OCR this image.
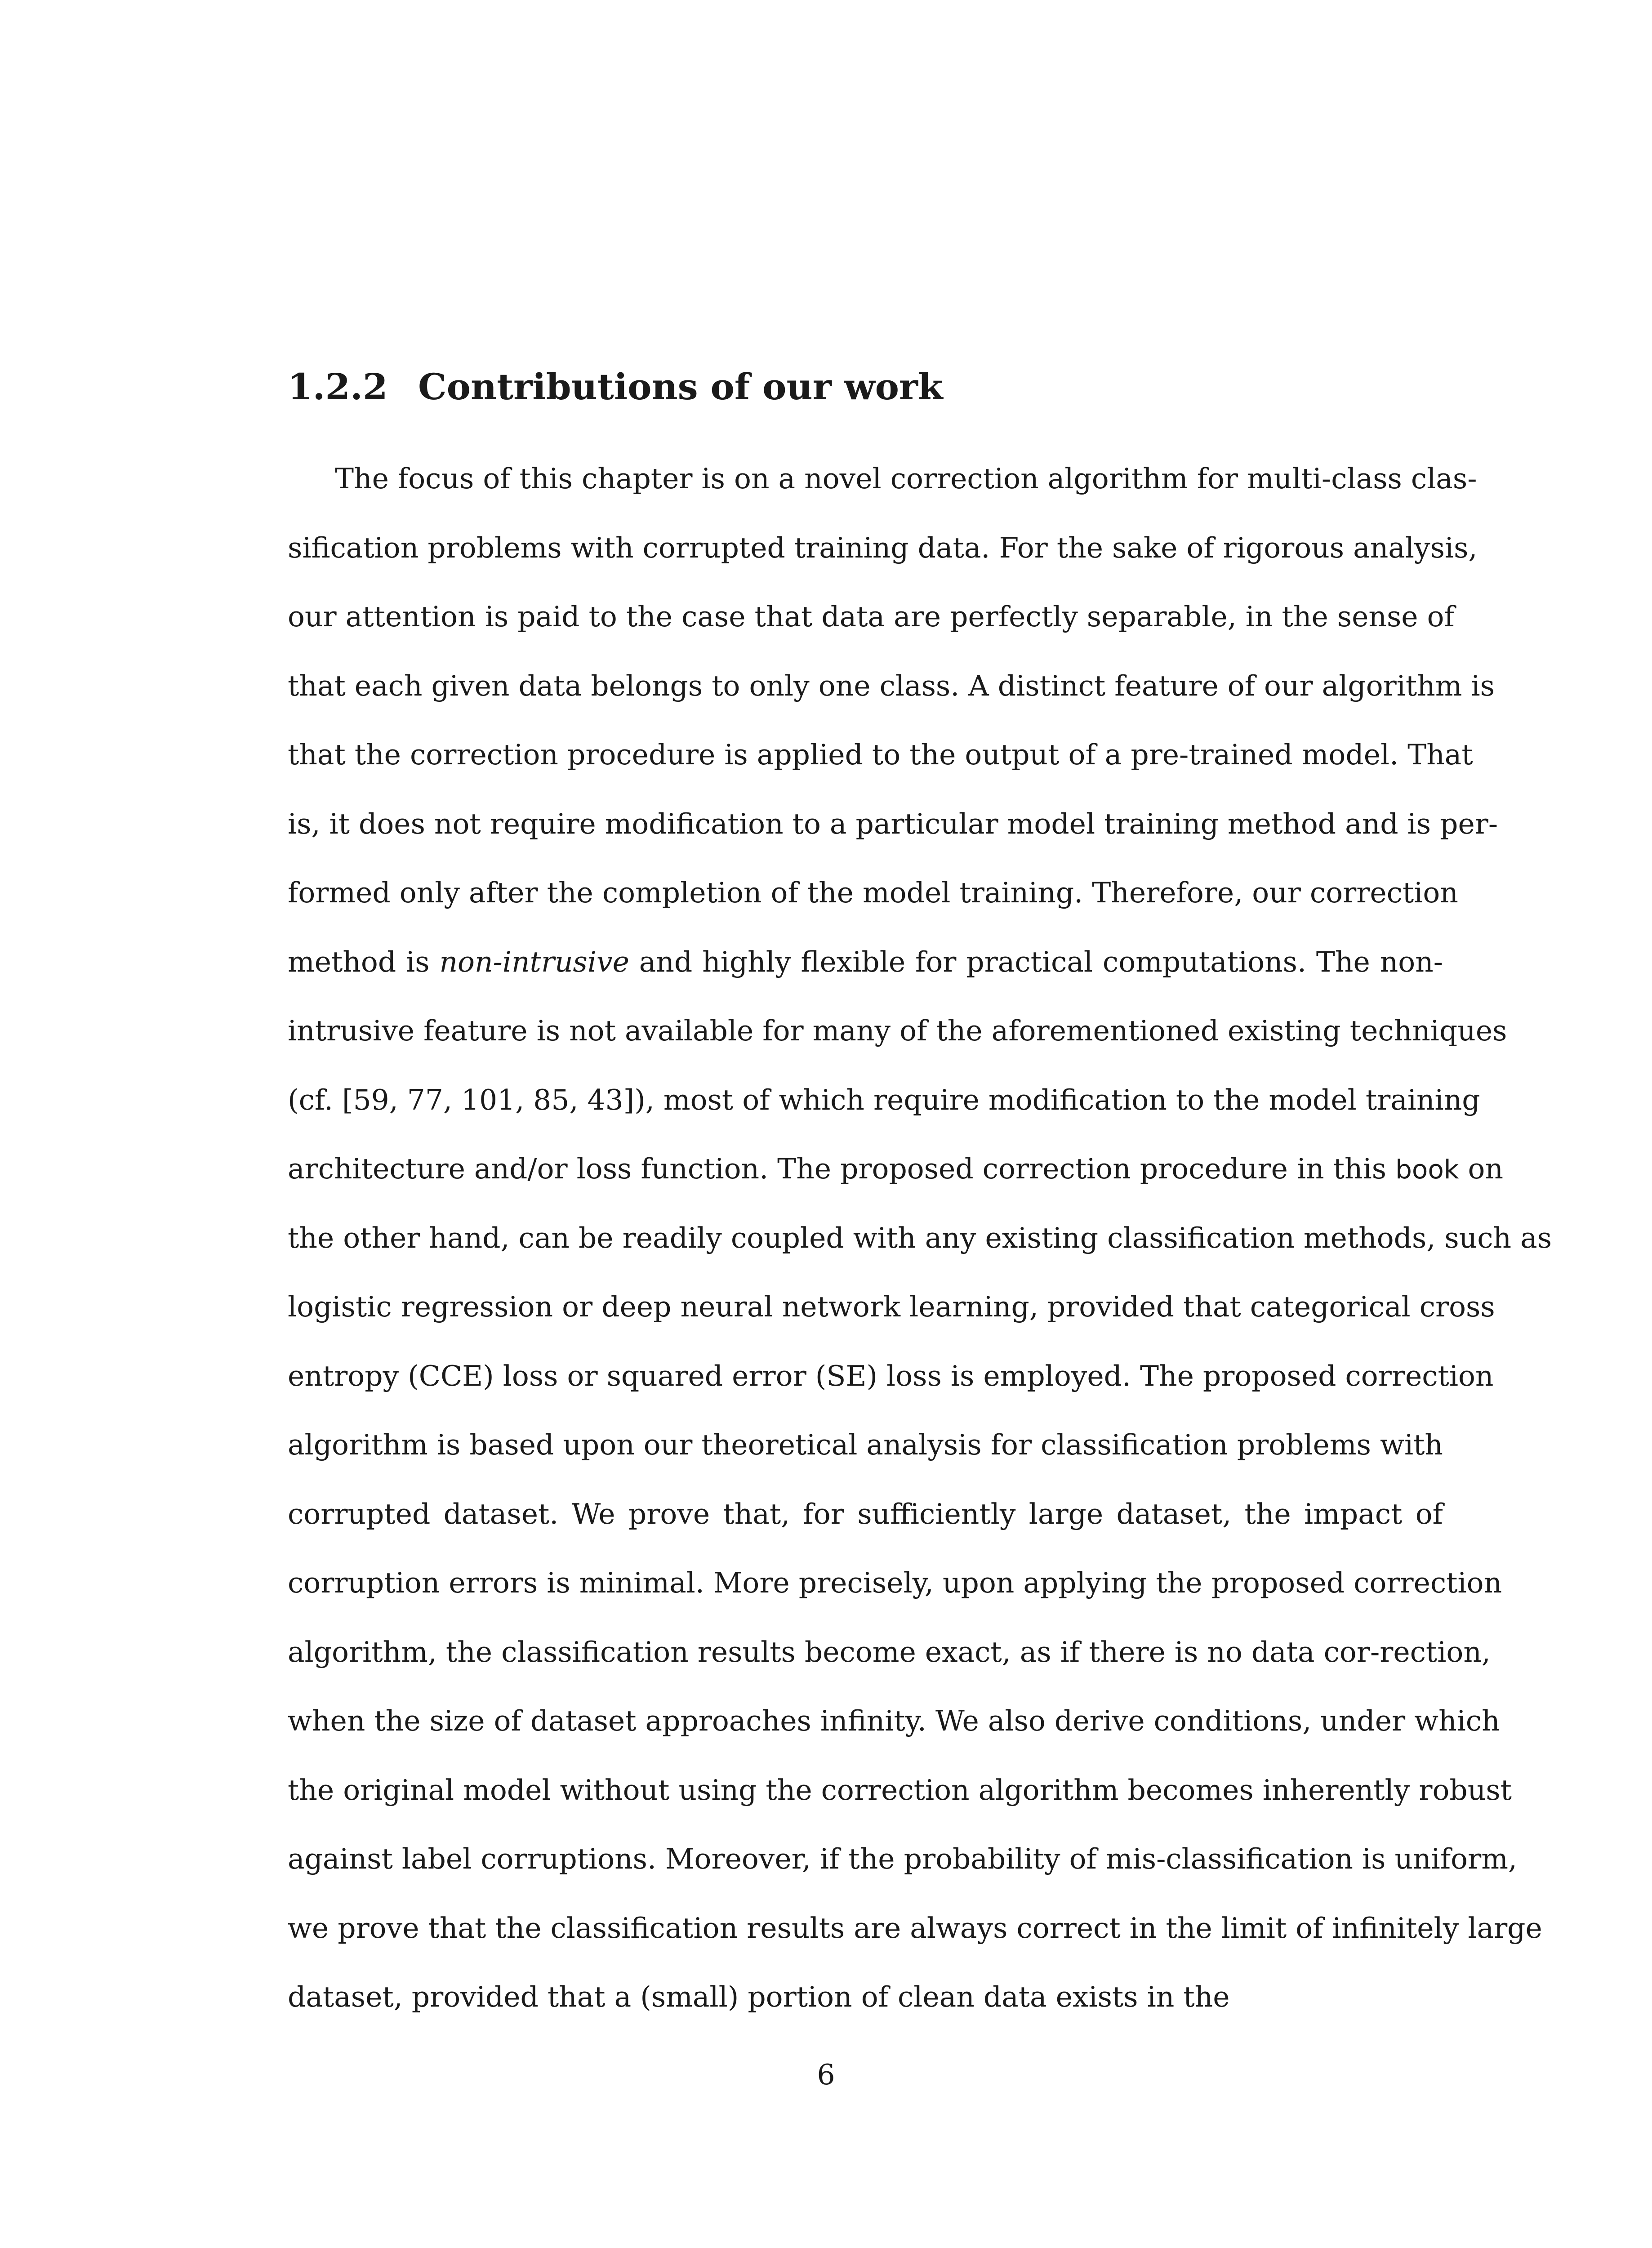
1.2.2 Contributions of our work
The focus of this chapter is on a novel correction algorithm for multi-class clas-
sification problems with corrupted training data. For the sake of rigorous analysis,
our attention is paid to the case that data are perfectly separable, in the sense of
that each given data belongs to only one class. A distinct feature of our algorithm is
that the correction procedure is applied to the output of a pre-trained model. That
is, it does not require modification to a particular model training method and is per-
formed only after the completion of the model training. Therefore, our correction
method is non-intrusive and highly flexible for practical computations. The non-
intrusive feature is not available for many of the aforementioned existing techniques
(cf. [59, 77, 101, 85, 43]), most of which require modification to the model training
architecture and/or loss function. The proposed correction procedure in this book on
the other hand, can be readily coupled with any existing classification methods, such as
logistic regression or deep neural network learning, provided that categorical cross
entropy (CCE) loss or squared error (SE) loss is employed. The proposed correction
algorithm is based upon our theoretical analysis for classification problems with
corrupted dataset. We prove that, for sufficiently large dataset, the impact of
corruption errors is minimal. More precisely, upon applying the proposed correction
algorithm, the classification results become exact, as if there is no data cor-rection,
when the size of dataset approaches infinity. We also derive conditions, under which
the original model without using the correction algorithm becomes inherently robust
against label corruptions. Moreover, if the probability of mis-classification is uniform,
we prove that the classification results are always correct in the limit of infinitely large
dataset, provided that a (small) portion of clean data exists in the
6
